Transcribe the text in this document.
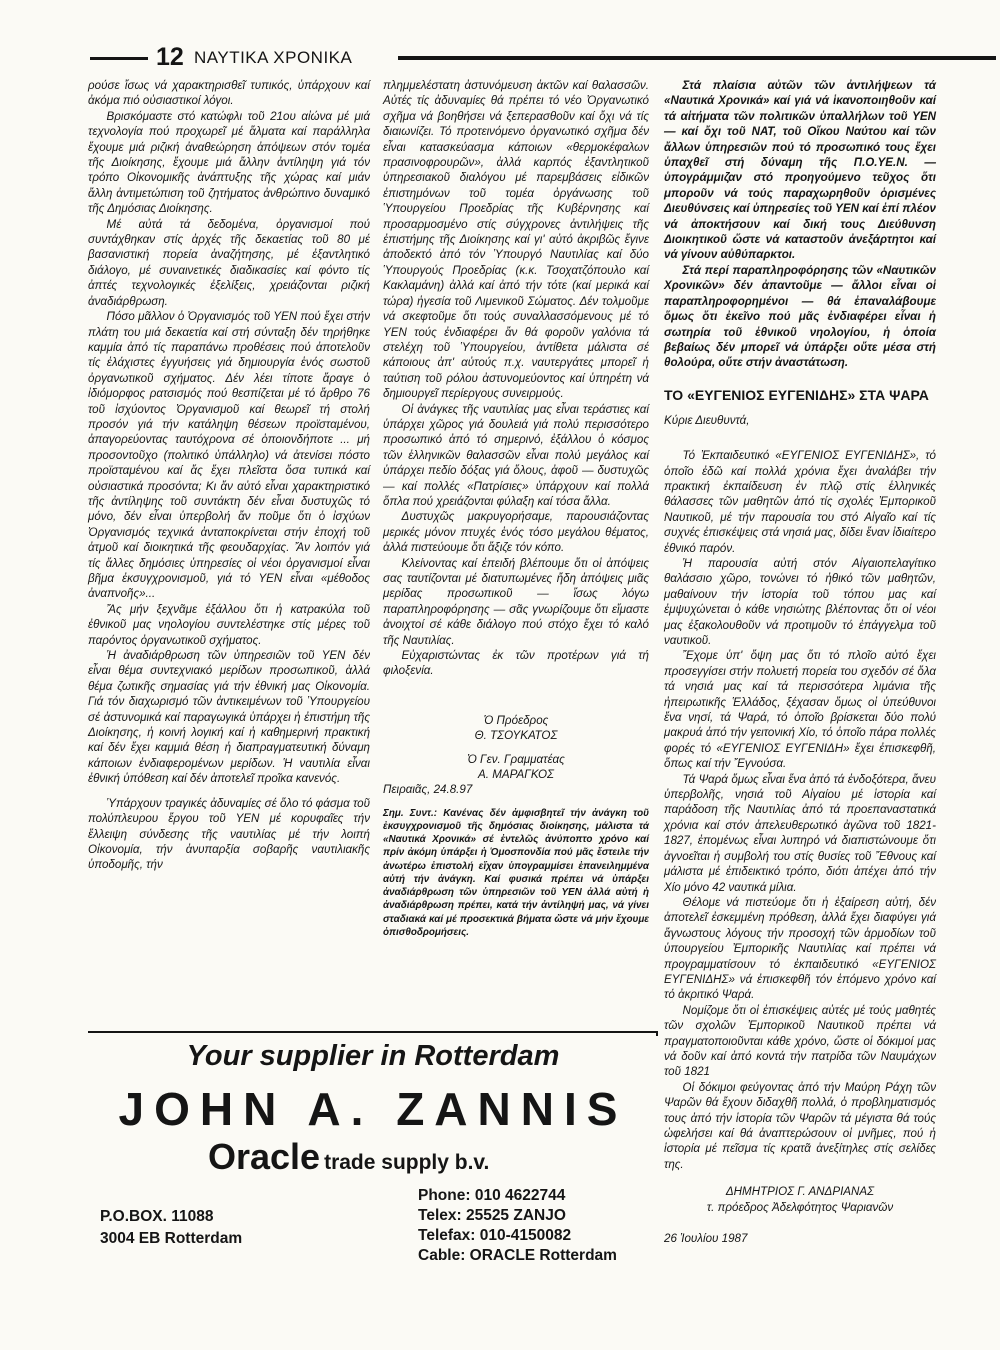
12 ΝΑΥΤΙΚΑ ΧΡΟΝΙΚΑ

ρούσε ἴσως νά χαρακτηρισθεῖ τυπικός, ὑπάρχουν καί ἀκόμα πιό οὐσιαστικοί λόγοι.

Βρισκόμαστε στό κατώφλι τοῦ 21ου αἰώνα μέ μιά τεχνολογία πού προχωρεῖ μέ ἅλματα καί παράλληλα ἔχουμε μιά ριζική ἀναθεώρηση ἀπόψεων στόν τομέα τῆς Διοίκησης, ἔχουμε μιά ἄλλην ἀντίληψη γιά τόν τρόπο Οἰκονομικῆς ἀνάπτυξης τῆς χώρας καί μιάν ἄλλη ἀντιμετώπιση τοῦ ζητήματος ἀνθρώπινο δυναμικό τῆς Δημόσιας Διοίκησης.

Μέ αὐτά τά δεδομένα, ὀργανισμοί πού συντάχθηκαν στίς ἀρχές τῆς δεκαετίας τοῦ 80 μέ βασανιστική πορεία ἀναζήτησης, μέ ἐξαντλητικό διάλογο, μέ συναινετικές διαδικασίες καί φόντο τίς ἀπτές τεχνολογικές ἐξελίξεις, χρειάζονται ριζική ἀναδιάρθρωση.

Πόσο μᾶλλον ὁ Ὀργανισμός τοῦ ΥΕΝ πού ἔχει στήν πλάτη του μιά δεκαετία καί στή σύνταξη δέν τηρήθηκε καμμία ἀπό τίς παραπάνω προθέσεις πού ἀποτελοῦν τίς ἐλάχιστες ἐγγυήσεις γιά δημιουργία ἑνός σωστοῦ ὀργανωτικοῦ σχήματος. Δέν λέει τίποτε ἄραγε ὁ ἰδιόμορφος ρατσισμός πού θεσπίζεται μέ τό ἄρθρο 76 τοῦ ἰσχύοντος Ὀργανισμοῦ καί θεωρεῖ τή στολή προσόν γιά τήν κατάληψη θέσεων προϊσταμένου, ἀπαγορεύοντας ταυτόχρονα σέ ὁποιονδήποτε ... μή προσοντοῦχο (πολιτικό ὑπάλληλο) νά ἀτενίσει πόστο προϊσταμένου καί ἄς ἔχει πλεῖστα ὅσα τυπικά καί οὐσιαστικά προσόντα; Κι ἄν αὐτό εἶναι χαρακτηριστικό τῆς ἀντίληψης τοῦ συντάκτη δέν εἶναι δυστυχῶς τό μόνο, δέν εἶναι ὑπερβολή ἄν ποῦμε ὅτι ὁ ἰσχύων Ὀργανισμός τεχνικά ἀνταποκρίνεται στήν ἐποχή τοῦ ἀτμοῦ καί διοικητικά τῆς φεουδαρχίας. Ἄν λοιπόν γιά τίς ἄλλες δημόσιες ὑπηρεσίες οἱ νέοι ὀργανισμοί εἶναι βῆμα ἐκσυγχρονισμοῦ, γιά τό ΥΕΝ εἶναι «μέθοδος ἀναπνοῆς»...

Ἄς μήν ξεχνᾶμε ἐξάλλου ὅτι ἡ κατρακύλα τοῦ ἐθνικοῦ μας νηολογίου συντελέστηκε στίς μέρες τοῦ παρόντος ὀργανωτικοῦ σχήματος.

Ἡ ἀναδιάρθρωση τῶν ὑπηρεσιῶν τοῦ ΥΕΝ δέν εἶναι θέμα συντεχνιακό μερίδων προσωπικοῦ, ἀλλά θέμα ζωτικῆς σημασίας γιά τήν ἐθνική μας Οἰκονομία. Γιά τόν διαχωρισμό τῶν ἀντικειμένων τοῦ Ὑπουργείου σέ ἀστυνομικά καί παραγωγικά ὑπάρχει ἡ ἐπιστήμη τῆς Διοίκησης, ἡ κοινή λογική καί ἡ καθημερινή πρακτική καί δέν ἔχει καμμιά θέση ἡ διαπραγματευτική δύναμη κάποιων ἐνδιαφερομένων μερίδων. Ἡ ναυτιλία εἶναι ἐθνική ὑπόθεση καί δέν ἀποτελεῖ προῖκα κανενός.

Ὑπάρχουν τραγικές ἀδυναμίες σέ ὅλο τό φάσμα τοῦ πολύπλευρου ἔργου τοῦ ΥΕΝ μέ κορυφαῖες τήν ἔλλειψη σύνδεσης τῆς ναυτιλίας μέ τήν λοιπή Οἰκονομία, τήν ἀνυπαρξία σοβαρῆς ναυτιλιακῆς ὑποδομῆς, τήν

πλημμελέστατη ἀστυνόμευση ἀκτῶν καί θαλασσῶν. Αὐτές τίς ἀδυναμίες θά πρέπει τό νέο Ὀργανωτικό σχῆμα νά βοηθήσει νά ξεπερασθοῦν καί ὄχι νά τίς διαιωνίζει. Τό προτεινόμενο ὀργανωτικό σχῆμα δέν εἶναι κατασκεύασμα κάποιων «θερμοκέφαλων πρασινοφρουρῶν», ἀλλά καρπός ἐξαντλητικοῦ ὑπηρεσιακοῦ διαλόγου μέ παρεμβάσεις εἰδικῶν ἐπιστημόνων τοῦ τομέα ὀργάνωσης τοῦ Ὑπουργείου Προεδρίας τῆς Κυβέρνησης καί προσαρμοσμένο στίς σύγχρονες ἀντιλήψεις τῆς ἐπιστήμης τῆς Διοίκησης καί γι' αὐτό ἀκριβῶς ἔγινε ἀποδεκτό ἀπό τόν Ὑπουργό Ναυτιλίας καί δύο Ὑπουργούς Προεδρίας (κ.κ. Τσοχατζόπουλο καί Κακλαμάνη) ἀλλά καί ἀπό τήν τότε (καί μερικά καί τώρα) ἡγεσία τοῦ Λιμενικοῦ Σώματος. Δέν τολμοῦμε νά σκεφτοῦμε ὅτι τούς συναλλασσόμενους μέ τό ΥΕΝ τούς ἐνδιαφέρει ἄν θά φοροῦν γαλόνια τά στελέχη τοῦ Ὑπουργείου, ἀντίθετα μάλιστα σέ κάποιους ἀπ' αὐτούς π.χ. ναυτεργάτες μπορεῖ ἡ ταύτιση τοῦ ρόλου ἀστυνομεύοντος καί ὑπηρέτη νά δημιουργεῖ περίεργους συνειρμούς.

Οἱ ἀνάγκες τῆς ναυτιλίας μας εἶναι τεράστιες καί ὑπάρχει χῶρος γιά δουλειά γιά πολύ περισσότερο προσωπικό ἀπό τό σημερινό, ἐξάλλου ὁ κόσμος τῶν ἑλληνικῶν θαλασσῶν εἶναι πολύ μεγάλος καί ὑπάρχει πεδίο δόξας γιά ὅλους, ἀφοῦ — δυστυχῶς — καί πολλές «Πατρίσιες» ὑπάρχουν καί πολλά ὅπλα πού χρειάζονται φύλαξη καί τόσα ἄλλα.

Δυστυχῶς μακρυγορήσαμε, παρουσιάζοντας μερικές μόνον πτυχές ἑνός τόσο μεγάλου θέματος, ἀλλά πιστεύουμε ὅτι ἄξιζε τόν κόπο.

Κλείνοντας καί ἐπειδή βλέπουμε ὅτι οἱ ἀπόψεις σας ταυτίζονται μέ διατυπωμένες ἤδη ἀπόψεις μιᾶς μερίδας προσωπικοῦ — ἴσως λόγω παραπληροφόρησης — σᾶς γνωρίζουμε ὅτι εἴμαστε ἀνοιχτοί σέ κάθε διάλογο πού στόχο ἔχει τό καλό τῆς Ναυτιλίας.

Εὐχαριστώντας ἐκ τῶν προτέρων γιά τή φιλοξενία.

Ὁ Πρόεδρος

Θ. ΤΣΟΥΚΑΤΟΣ

Ὁ Γεν. Γραμματέας

Α. ΜΑΡΑΓΚΟΣ

Πειραιᾶς, 24.8.97

Σημ. Συντ.: Κανένας δέν ἀμφισβητεῖ τήν ἀνάγκη τοῦ ἐκσυγχρονισμοῦ τῆς δημόσιας διοίκησης, μάλιστα τά «Ναυτικά Χρονικά» σέ ἐντελῶς ἀνύποπτο χρόνο καί πρίν ἀκόμη ὑπάρξει ἡ Ὁμοσπονδία πού μᾶς ἔστειλε τήν ἀνωτέρω ἐπιστολή εἴχαν ὑπογραμμίσει ἐπανειλημμένα αὐτή τήν ἀνάγκη. Καί φυσικά πρέπει νά ὑπάρξει ἀναδιάρθρωση τῶν ὑπηρεσιῶν τοῦ ΥΕΝ ἀλλά αὐτή ἡ ἀναδιάρθρωση πρέπει, κατά τήν ἀντίληψή μας, νά γίνει σταδιακά καί μέ προσεκτικά βήματα ὥστε νά μήν ἔχουμε ὀπισθοδρομήσεις.

Στά πλαίσια αὐτῶν τῶν ἀντιλήψεων τά «Ναυτικά Χρονικά» καί γιά νά ἱκανοποιηθοῦν καί τά αἰτήματα τῶν πολιτικῶν ὑπαλλήλων τοῦ ΥΕΝ — καί ὄχι τοῦ ΝΑΤ, τοῦ Οἴκου Ναύτου καί τῶν ἄλλων ὑπηρεσιῶν πού τό προσωπικό τους ἔχει ὑπαχθεῖ στή δύναμη τῆς Π.Ο.ΥΕ.Ν. — ὑπογράμμιζαν στό προηγούμενο τεῦχος ὅτι μποροῦν νά τούς παραχωρηθοῦν ὁρισμένες Διευθύνσεις καί ὑπηρεσίες τοῦ ΥΕΝ καί ἐπί πλέον νά ἀποκτήσουν καί δική τους Διεύθυνση Διοικητικοῦ ὥστε νά καταστοῦν ἀνεξάρτητοι καί νά γίνουν αὐθύπαρκτοι.

Στά περί παραπληροφόρησης τῶν «Ναυτικῶν Χρονικῶν» δέν ἀπαντοῦμε — ἄλλοι εἶναι οἱ παραπληροφορημένοι — θά ἐπαναλάβουμε ὅμως ὅτι ἐκεῖνο πού μᾶς ἐνδιαφέρει εἶναι ἡ σωτηρία τοῦ ἐθνικοῦ νηολογίου, ἡ ὁποία βεβαίως δέν μπορεῖ νά ὑπάρξει οὔτε μέσα στή θολούρα, οὔτε στήν ἀναστάτωση.

ΤΟ «ΕΥΓΕΝΙΟΣ ΕΥΓΕΝΙΔΗΣ» ΣΤΑ ΨΑΡΑ

Κύριε Διευθυντά,

Τό Ἐκπαιδευτικό «ΕΥΓΕΝΙΟΣ ΕΥΓΕΝΙΔΗΣ», τό ὁποῖο ἐδῶ καί πολλά χρόνια ἔχει ἀναλάβει τήν πρακτική ἐκπαίδευση ἐν πλῷ στίς ἑλληνικές θάλασσες τῶν μαθητῶν ἀπό τίς σχολές Ἐμπορικοῦ Ναυτικοῦ, μέ τήν παρουσία του στό Αἰγαῖο καί τίς συχνές ἐπισκέψεις στά νησιά μας, δίδει ἕναν ἰδιαίτερο ἐθνικό παρόν.

Ἡ παρουσία αὐτή στόν Αἰγαιοπελαγίτικο θαλάσσιο χῶρο, τονώνει τό ἠθικό τῶν μαθητῶν, μαθαίνουν τήν ἱστορία τοῦ τόπου μας καί ἐμψυχώνεται ὁ κάθε νησιώτης βλέποντας ὅτι οἱ νέοι μας ἐξακολουθοῦν νά προτιμοῦν τό ἐπάγγελμα τοῦ ναυτικοῦ.

Ἔχομε ὑπ' ὄψη μας ὅτι τό πλοῖο αὐτό ἔχει προσεγγίσει στήν πολυετή πορεία του σχεδόν σέ ὅλα τά νησιά μας καί τά περισσότερα λιμάνια τῆς ἠπειρωτικῆς Ἑλλάδος, ξέχασαν ὅμως οἱ ὑπεύθυνοι ἕνα νησί, τά Ψαρά, τό ὁποῖο βρίσκεται δύο πολύ μακρυά ἀπό τήν γειτονική Χίο, τό ὁποῖο πάρα πολλές φορές τό «ΕΥΓΕΝΙΟΣ ΕΥΓΕΝΙΔΗ» ἔχει ἐπισκεφθῆ, ὅπως καί τήν Ἔγνούσα.

Τά Ψαρά ὅμως εἶναι ἕνα ἀπό τά ἐνδοξότερα, ἄνευ ὑπερβολῆς, νησιά τοῦ Αἰγαίου μέ ἱστορία καί παράδοση τῆς Ναυτιλίας ἀπό τά προεπαναστατικά χρόνια καί στόν ἀπελευθερωτικό ἀγῶνα τοῦ 1821-1827, ἐπομένως εἶναι λυπηρό νά διαπιστώνουμε ὅτι ἀγνοεῖται ἡ συμβολή του στίς θυσίες τοῦ Ἔθνους καί μάλιστα μέ ἐπιδεικτικό τρόπο, διότι ἀπέχει ἀπό τήν Χίο μόνο 42 ναυτικά μίλια.

Θέλομε νά πιστεύομε ὅτι ἡ ἐξαίρεση αὐτή, δέν ἀποτελεῖ ἐσκεμμένη πρόθεση, ἀλλά ἔχει διαφύγει γιά ἄγνωστους λόγους τήν προσοχή τῶν ἁρμοδίων τοῦ ὑπουργείου Ἐμπορικῆς Ναυτιλίας καί πρέπει νά προγραμματίσουν τό ἐκπαιδευτικό «ΕΥΓΕΝΙΟΣ ΕΥΓΕΝΙΔΗΣ» νά ἐπισκεφθῆ τόν ἑπόμενο χρόνο καί τό ἀκριτικό Ψαρά.

Νομίζομε ὅτι οἱ ἐπισκέψεις αὐτές μέ τούς μαθητές τῶν σχολῶν Ἐμπορικοῦ Ναυτικοῦ πρέπει νά πραγματοποιοῦνται κάθε χρόνο, ὥστε οἱ δόκιμοί μας νά δοῦν καί ἀπό κοντά τήν πατρίδα τῶν Ναυμάχων τοῦ 1821

Οἱ δόκιμοι φεύγοντας ἀπό τήν Μαύρη Ράχη τῶν Ψαρῶν θά ἔχουν διδαχθῆ πολλά, ὁ προβληματισμός τους ἀπό τήν ἱστορία τῶν Ψαρῶν τά μέγιστα θά τούς ὠφελήσει καί θά ἀναπτερώσουν οἱ μνῆμες, πού ἡ ἱστορία μέ πεῖσμα τίς κρατᾶ ἀνεξίτηλες στίς σελίδες της.

ΔΗΜΗΤΡΙΟΣ Γ. ΑΝΔΡΙΑΝΑΣ

τ. πρόεδρος Ἀδελφότητος Ψαριανῶν

26 Ἰουλίου 1987

Your supplier in Rotterdam
JOHN A. ZANNIS
Oracle trade supply b.v.
P.O.BOX. 11088
3004 EB Rotterdam
Phone: 010 4622744
Telex: 25525 ZANJO
Telefax: 010-4150082
Cable: ORACLE Rotterdam
